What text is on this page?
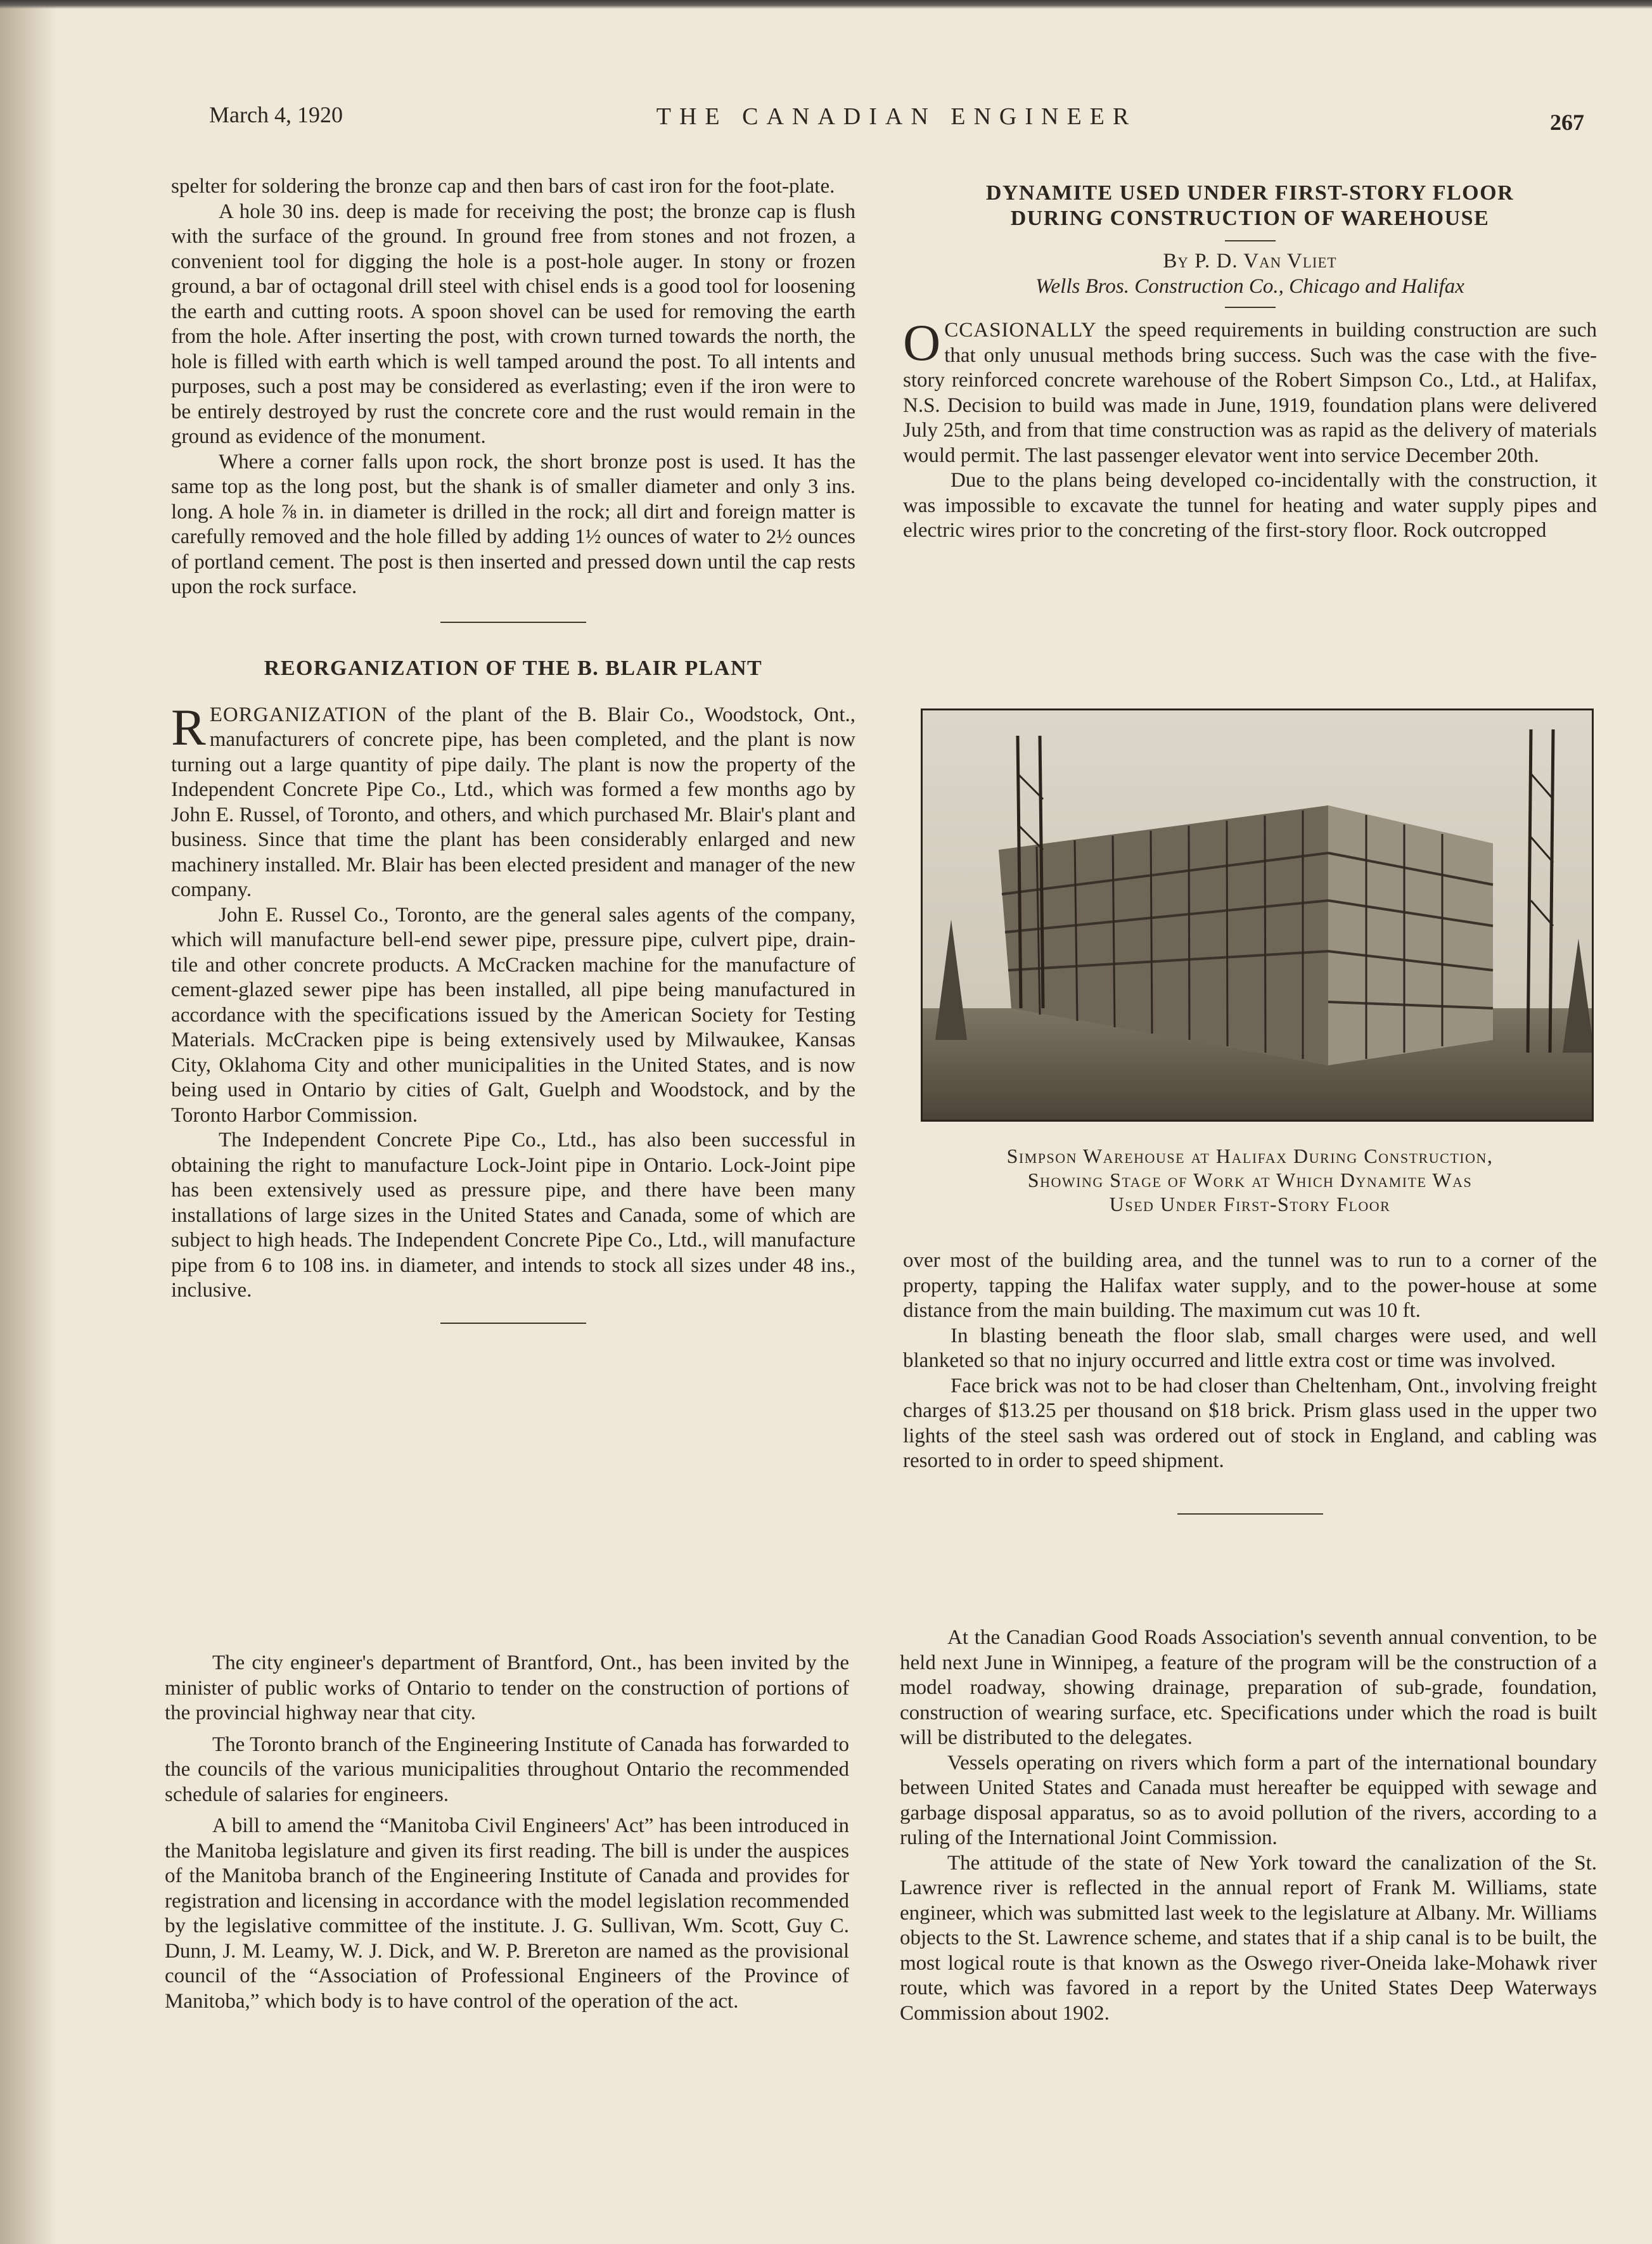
March 4, 1920	THE CANADIAN ENGINEER	267

spelter for soldering the bronze cap and then bars of cast iron for the foot-plate.

A hole 30 ins. deep is made for receiving the post; the bronze cap is flush with the surface of the ground. In ground free from stones and not frozen, a convenient tool for digging the hole is a post-hole auger. In stony or frozen ground, a bar of octagonal drill steel with chisel ends is a good tool for loosening the earth and cutting roots. A spoon shovel can be used for removing the earth from the hole. After inserting the post, with crown turned towards the north, the hole is filled with earth which is well tamped around the post. To all intents and purposes, such a post may be considered as everlasting; even if the iron were to be entirely destroyed by rust the concrete core and the rust would remain in the ground as evidence of the monument.

Where a corner falls upon rock, the short bronze post is used. It has the same top as the long post, but the shank is of smaller diameter and only 3 ins. long. A hole ⅞ in. in diameter is drilled in the rock; all dirt and foreign matter is carefully removed and the hole filled by adding 1½ ounces of water to 2½ ounces of portland cement. The post is then inserted and pressed down until the cap rests upon the rock surface.

REORGANIZATION OF THE B. BLAIR PLANT

REORGANIZATION of the plant of the B. Blair Co., Woodstock, Ont., manufacturers of concrete pipe, has been completed, and the plant is now turning out a large quantity of pipe daily. The plant is now the property of the Independent Concrete Pipe Co., Ltd., which was formed a few months ago by John E. Russel, of Toronto, and others, and which purchased Mr. Blair's plant and business. Since that time the plant has been considerably enlarged and new machinery installed. Mr. Blair has been elected president and manager of the new company.

John E. Russel Co., Toronto, are the general sales agents of the company, which will manufacture bell-end sewer pipe, pressure pipe, culvert pipe, drain-tile and other concrete products. A McCracken machine for the manufacture of cement-glazed sewer pipe has been installed, all pipe being manufactured in accordance with the specifications issued by the American Society for Testing Materials. McCracken pipe is being extensively used by Milwaukee, Kansas City, Oklahoma City and other municipalities in the United States, and is now being used in Ontario by cities of Galt, Guelph and Woodstock, and by the Toronto Harbor Commission.

The Independent Concrete Pipe Co., Ltd., has also been successful in obtaining the right to manufacture Lock-Joint pipe in Ontario. Lock-Joint pipe has been extensively used as pressure pipe, and there have been many installations of large sizes in the United States and Canada, some of which are subject to high heads. The Independent Concrete Pipe Co., Ltd., will manufacture pipe from 6 to 108 ins. in diameter, and intends to stock all sizes under 48 ins., inclusive.

The city engineer's department of Brantford, Ont., has been invited by the minister of public works of Ontario to tender on the construction of portions of the provincial highway near that city.

The Toronto branch of the Engineering Institute of Canada has forwarded to the councils of the various municipalities throughout Ontario the recommended schedule of salaries for engineers.

A bill to amend the “Manitoba Civil Engineers' Act” has been introduced in the Manitoba legislature and given its first reading. The bill is under the auspices of the Manitoba branch of the Engineering Institute of Canada and provides for registration and licensing in accordance with the model legislation recommended by the legislative committee of the institute. J. G. Sullivan, Wm. Scott, Guy C. Dunn, J. M. Leamy, W. J. Dick, and W. P. Brereton are named as the provisional council of the “Association of Professional Engineers of the Province of Manitoba,” which body is to have control of the operation of the act.

DYNAMITE USED UNDER FIRST-STORY FLOOR
DURING CONSTRUCTION OF WAREHOUSE
By P. D. Van Vliet
Wells Bros. Construction Co., Chicago and Halifax

OCCASIONALLY the speed requirements in building construction are such that only unusual methods bring success. Such was the case with the five-story reinforced concrete warehouse of the Robert Simpson Co., Ltd., at Halifax, N.S. Decision to build was made in June, 1919, foundation plans were delivered July 25th, and from that time construction was as rapid as the delivery of materials would permit. The last passenger elevator went into service December 20th.

Due to the plans being developed co-incidentally with the construction, it was impossible to excavate the tunnel for heating and water supply pipes and electric wires prior to the concreting of the first-story floor. Rock outcropped

Simpson Warehouse at Halifax During Construction,
Showing Stage of Work at Which Dynamite Was
Used Under First-Story Floor

over most of the building area, and the tunnel was to run to a corner of the property, tapping the Halifax water supply, and to the power-house at some distance from the main building. The maximum cut was 10 ft.

In blasting beneath the floor slab, small charges were used, and well blanketed so that no injury occurred and little extra cost or time was involved.

Face brick was not to be had closer than Cheltenham, Ont., involving freight charges of $13.25 per thousand on $18 brick. Prism glass used in the upper two lights of the steel sash was ordered out of stock in England, and cabling was resorted to in order to speed shipment.

At the Canadian Good Roads Association's seventh annual convention, to be held next June in Winnipeg, a feature of the program will be the construction of a model roadway, showing drainage, preparation of sub-grade, foundation, construction of wearing surface, etc. Specifications under which the road is built will be distributed to the delegates.

Vessels operating on rivers which form a part of the international boundary between United States and Canada must hereafter be equipped with sewage and garbage disposal apparatus, so as to avoid pollution of the rivers, according to a ruling of the International Joint Commission.

The attitude of the state of New York toward the canalization of the St. Lawrence river is reflected in the annual report of Frank M. Williams, state engineer, which was submitted last week to the legislature at Albany. Mr. Williams objects to the St. Lawrence scheme, and states that if a ship canal is to be built, the most logical route is that known as the Oswego river-Oneida lake-Mohawk river route, which was favored in a report by the United States Deep Waterways Commission about 1902.
